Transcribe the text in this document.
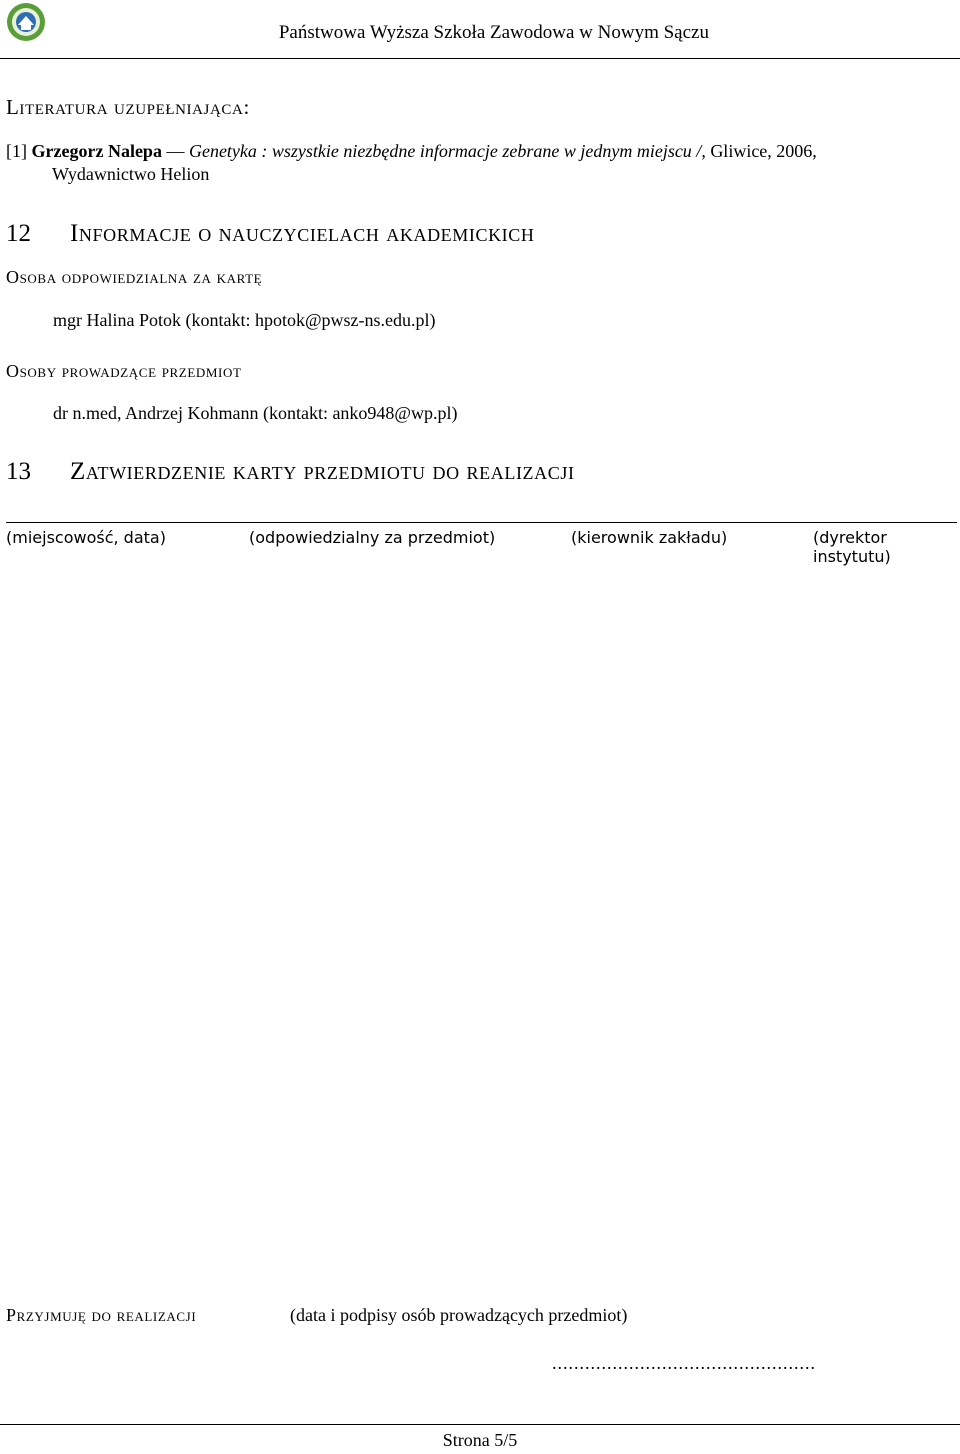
Państwowa Wyższa Szkoła Zawodowa w Nowym Sączu
Literatura uzupełniająca:
[1] Grzegorz Nalepa — Genetyka : wszystkie niezbędne informacje zebrane w jednym miejscu /, Gliwice, 2006,
Wydawnictwo Helion
12 Informacje o nauczycielach akademickich
Osoba odpowiedzialna za kartę
mgr Halina Potok (kontakt: hpotok@pwsz-ns.edu.pl)
Osoby prowadzące przedmiot
dr n.med, Andrzej Kohmann (kontakt: anko948@wp.pl)
13 Zatwierdzenie karty przedmiotu do realizacji
(miejscowość, data)	(odpowiedzialny za przedmiot)	(kierownik zakładu)	(dyrektor instytutu)
Przyjmuję do realizacji	(data i podpisy osób prowadzących przedmiot)
................................................
Strona 5/5
